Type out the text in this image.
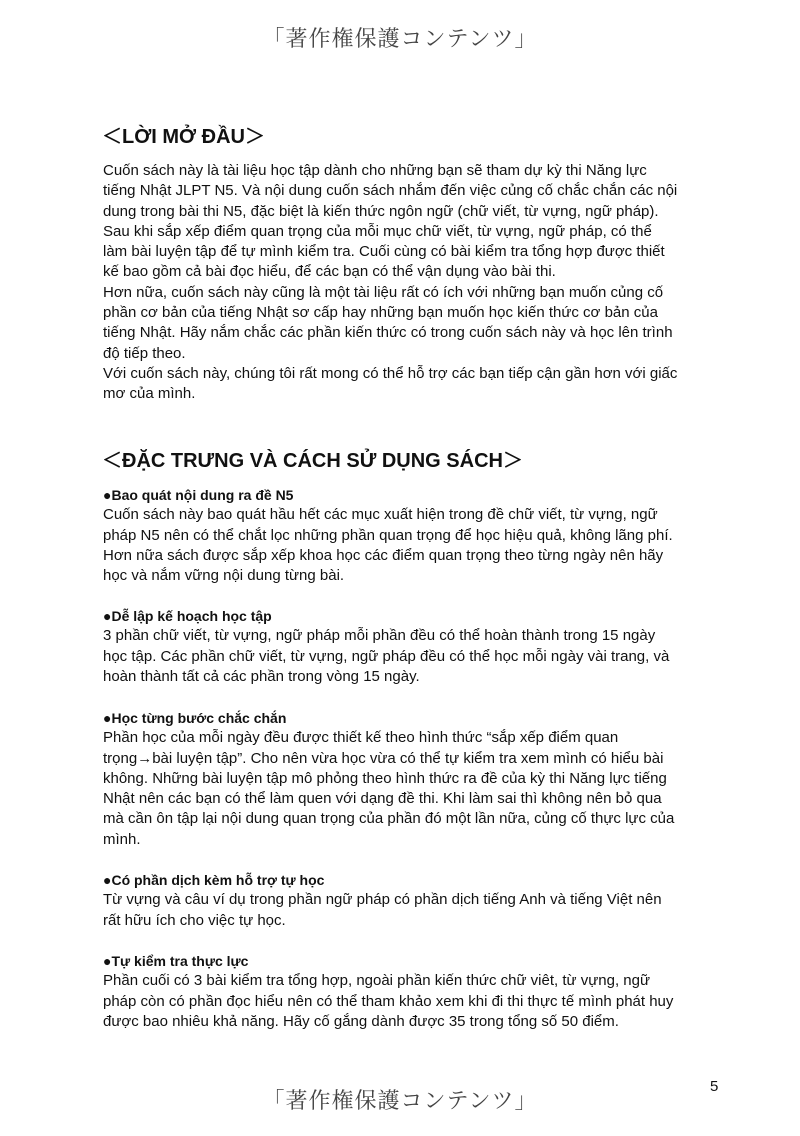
「著作権保護コンテンツ」
＜LỜI MỞ ĐẦU＞
Cuốn sách này là tài liệu học tập dành cho những bạn sẽ tham dự kỳ thi Năng lực
tiếng Nhật JLPT N5. Và nội dung cuốn sách nhắm đến việc củng cố chắc chắn các nội
dung trong bài thi N5, đặc biệt là kiến thức ngôn ngữ (chữ viết, từ vựng, ngữ pháp).
Sau khi sắp xếp điểm quan trọng của mỗi mục chữ viết, từ vựng, ngữ pháp, có thể
làm bài luyện tập để tự mình kiểm tra. Cuối cùng có bài kiểm tra tổng hợp được thiết
kế bao gồm cả bài đọc hiểu, để các bạn có thể vận dụng vào bài thi.
Hơn nữa, cuốn sách này cũng là một tài liệu rất có ích với những bạn muốn củng cố
phần cơ bản của tiếng Nhật sơ cấp hay những bạn muốn học kiến thức cơ bản của
tiếng Nhật. Hãy nắm chắc các phần kiến thức có trong cuốn sách này và học lên trình
độ tiếp theo.
Với cuốn sách này, chúng tôi rất mong có thể hỗ trợ các bạn tiếp cận gần hơn với giấc
mơ của mình.
＜ĐẶC TRƯNG VÀ CÁCH SỬ DỤNG SÁCH＞
●Bao quát nội dung ra đề N5
Cuốn sách này bao quát hầu hết các mục xuất hiện trong đề chữ viết, từ vựng, ngữ
pháp N5 nên có thể chắt lọc những phần quan trọng để học hiệu quả, không lãng phí.
Hơn nữa sách được sắp xếp khoa học các điểm quan trọng theo từng ngày nên hãy
học và nắm vững nội dung từng bài.
●Dễ lập kế hoạch học tập
3 phần chữ viết, từ vựng, ngữ pháp mỗi phần đều có thể hoàn thành trong 15 ngày
học tập. Các phần chữ viết, từ vựng, ngữ pháp đều có thể học mỗi ngày vài trang, và
hoàn thành tất cả các phần trong vòng 15 ngày.
●Học từng bước chắc chắn
Phần học của mỗi ngày đều được thiết kế theo hình thức “sắp xếp điểm quan
trọng→bài luyện tập”. Cho nên vừa học vừa có thể tự kiểm tra xem mình có hiểu bài
không. Những bài luyện tập mô phỏng theo hình thức ra đề của kỳ thi Năng lực tiếng
Nhật nên các bạn có thể làm quen với dạng đề thi. Khi làm sai thì không nên bỏ qua
mà cần ôn tập lại nội dung quan trọng của phần đó một lần nữa, củng cố thực lực của
mình.
●Có phần dịch kèm hỗ trợ tự học
Từ vựng và câu ví dụ trong phần ngữ pháp có phần dịch tiếng Anh và tiếng Việt nên
rất hữu ích cho việc tự học.
●Tự kiểm tra thực lực
Phần cuối có 3 bài kiểm tra tổng hợp, ngoài phần kiến thức chữ viêt, từ vựng, ngữ
pháp còn có phần đọc hiểu nên có thể tham khảo xem khi đi thi thực tế mình phát huy
được bao nhiêu khả năng. Hãy cố gắng dành được 35 trong tổng số 50 điểm.
5
「著作権保護コンテンツ」
